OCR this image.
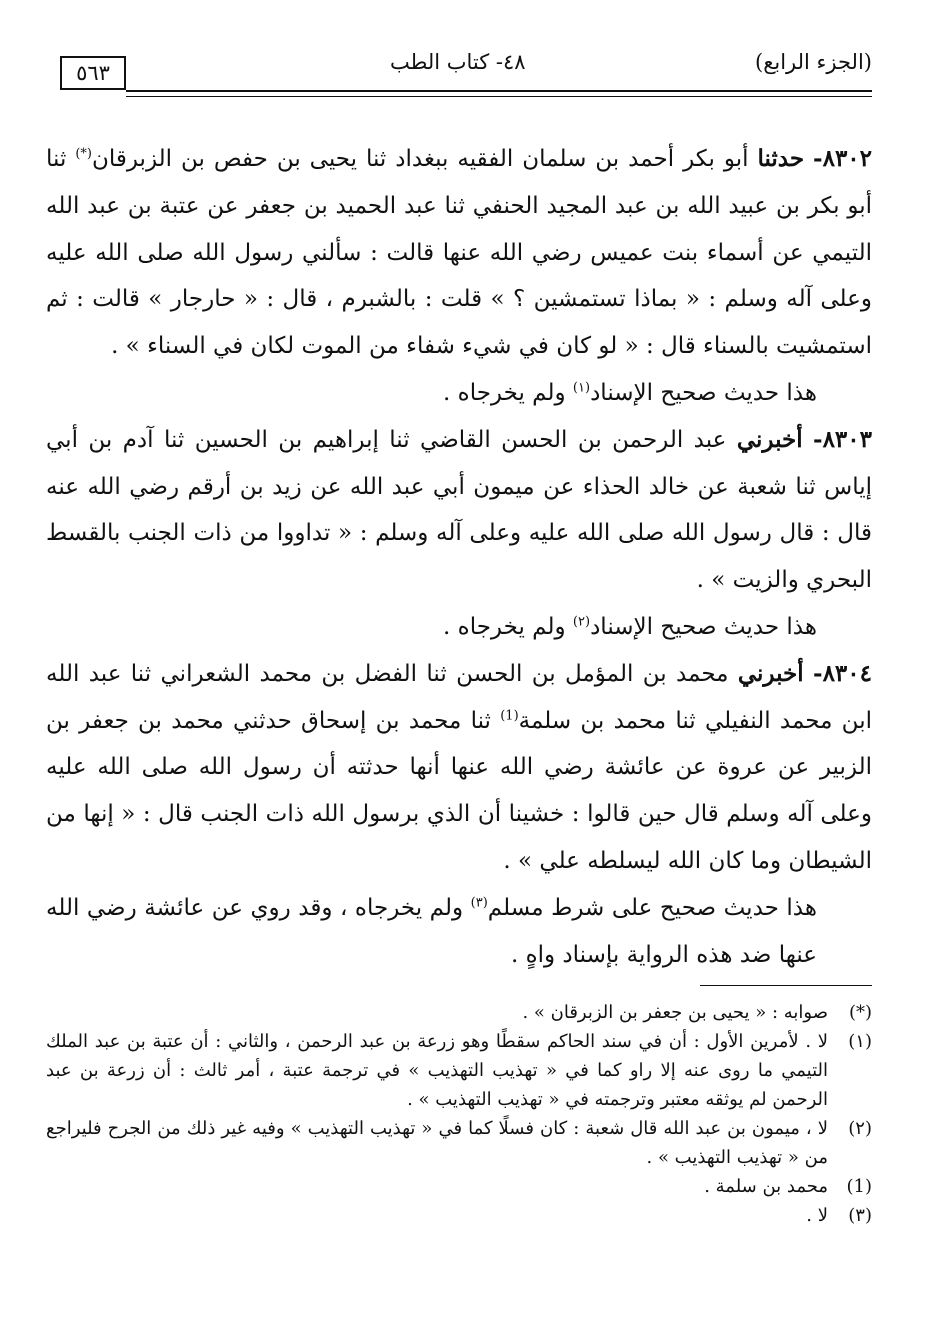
(الجزء الرابع)
٤٨- كتاب الطب
٥٦٣

٨٣٠٢- حدثنا أبو بكر أحمد بن سلمان الفقيه ببغداد ثنا يحيى بن حفص بن الزبرقان(*) ثنا أبو بكر بن عبيد الله بن عبد المجيد الحنفي ثنا عبد الحميد بن جعفر عن عتبة بن عبد الله التيمي عن أسماء بنت عميس رضي الله عنها قالت : سألني رسول الله صلى الله عليه وعلى آله وسلم : « بماذا تستمشين ؟ » قلت : بالشبرم ، قال : « حارجار » قالت : ثم استمشيت بالسناء قال : « لو كان في شيء شفاء من الموت لكان في السناء » .

هذا حديث صحيح الإسناد$^{(١)}$ ولم يخرجاه .

٨٣٠٣- أخبرني عبد الرحمن بن الحسن القاضي ثنا إبراهيم بن الحسين ثنا آدم بن أبي إياس ثنا شعبة عن خالد الحذاء عن ميمون أبي عبد الله عن زيد بن أرقم رضي الله عنه قال : قال رسول الله صلى الله عليه وعلى آله وسلم : « تداووا من ذات الجنب بالقسط البحري والزيت » .

هذا حديث صحيح الإسناد$^{(٢)}$ ولم يخرجاه .

٨٣٠٤- أخبرني محمد بن المؤمل بن الحسن ثنا الفضل بن محمد الشعراني ثنا عبد الله ابن محمد النفيلي ثنا محمد بن سلمة$^{(1)}$ ثنا محمد بن إسحاق حدثني محمد بن جعفر بن الزبير عن عروة عن عائشة رضي الله عنها أنها حدثته أن رسول الله صلى الله عليه وعلى آله وسلم قال حين قالوا : خشينا أن الذي برسول الله ذات الجنب قال : « إنها من الشيطان وما كان الله ليسلطه علي » .

هذا حديث صحيح على شرط مسلم$^{(٣)}$ ولم يخرجاه ، وقد روي عن عائشة رضي الله عنها ضد هذه الرواية بإسناد واهٍ .

(*)
صوابه : « يحيى بن جعفر بن الزبرقان » .
(١)
لا . لأمرين الأول : أن في سند الحاكم سقطًا وهو زرعة بن عبد الرحمن ، والثاني : أن عتبة بن عبد الملك التيمي ما روى عنه إلا راو كما في « تهذيب التهذيب » في ترجمة عتبة ، أمر ثالث : أن زرعة بن عبد الرحمن لم يوثقه معتبر وترجمته في « تهذيب التهذيب » .
(٢)
لا ، ميمون بن عبد الله قال شعبة : كان فسلًا كما في « تهذيب التهذيب » وفيه غير ذلك من الجرح فليراجع من « تهذيب التهذيب » .
(1)
محمد بن سلمة .
(٣)
لا .
